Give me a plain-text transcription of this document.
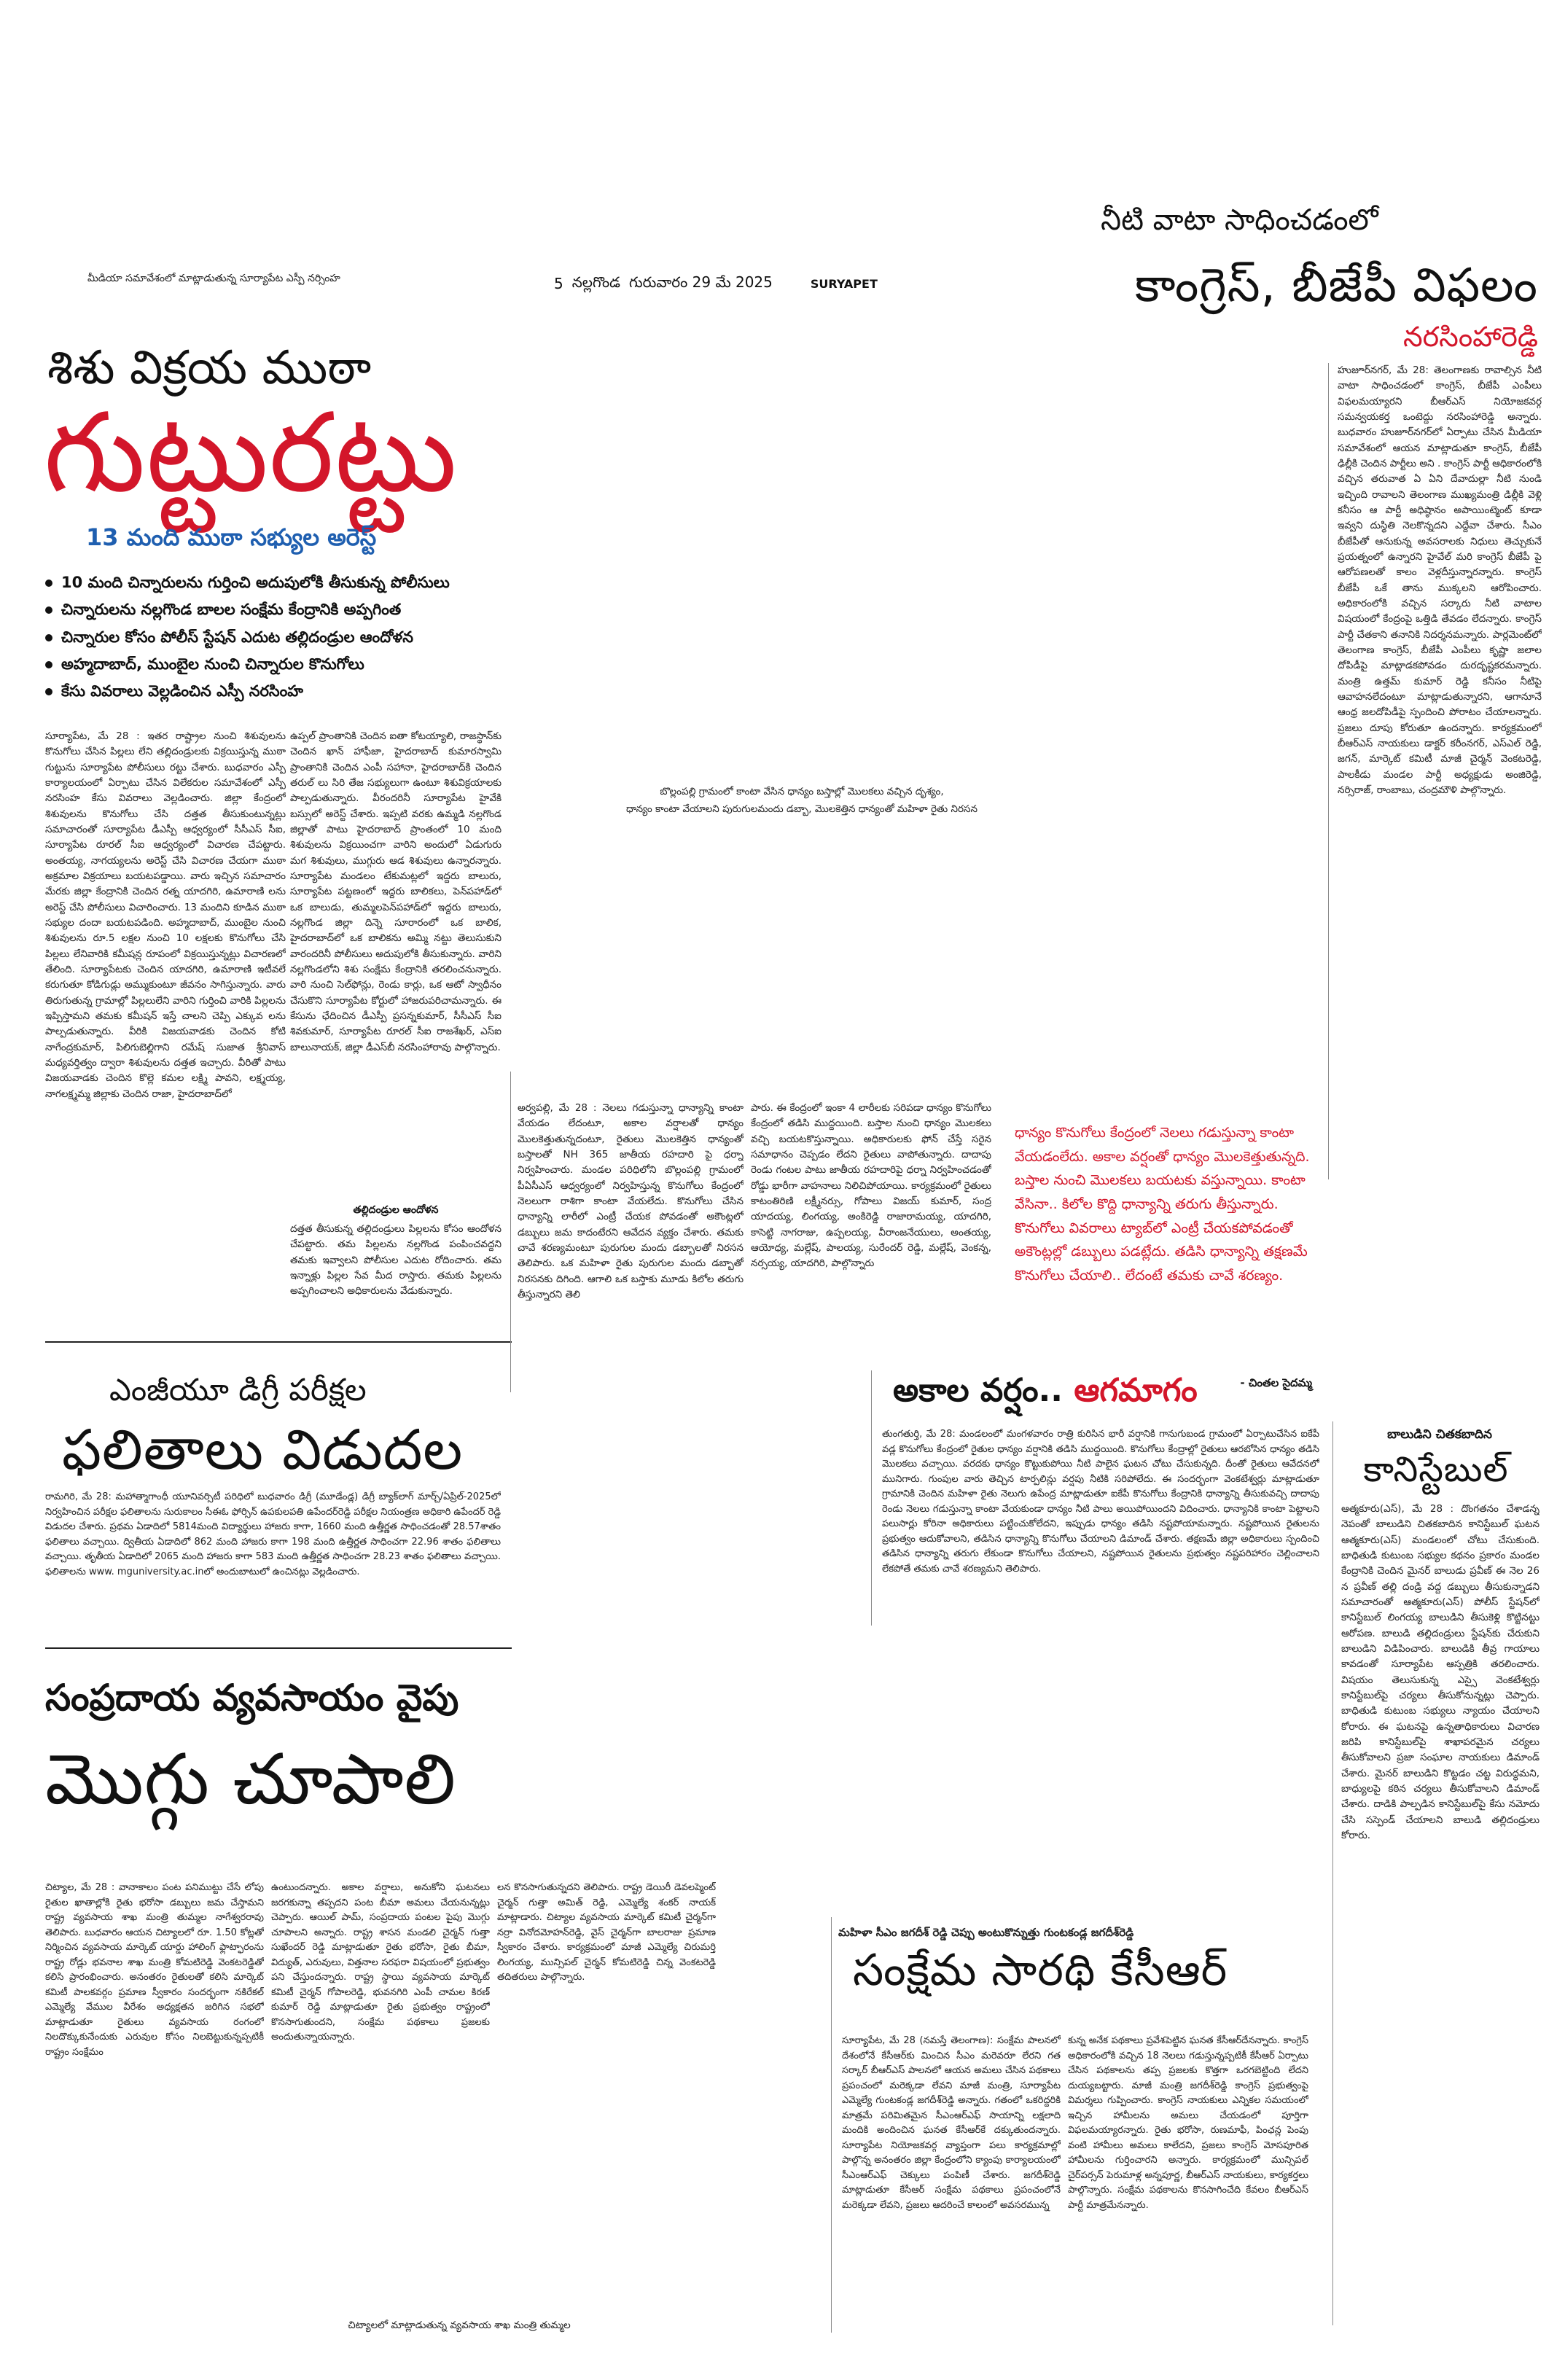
5 నల్లగొండ గురువారం 29 మే 2025	SURYAPET
నీటి వాటా సాధించడంలో
కాంగ్రెస్, బీజేపీ విఫలం
నరసింహారెడ్డి
హుజూర్‌నగర్, మే 28: తెలంగాణకు రావాల్సిన నీటి వాటా సాధించడంలో కాంగ్రెస్, బీజేపీ ఎంపీలు విఫలమయ్యారని బీఆర్ఎస్ నియోజకవర్గ సమన్వయకర్త ఒంటెద్దు నరసింహారెడ్డి అన్నారు. బుధవారం హుజూర్‌నగర్‌లో ఏర్పాటు చేసిన మీడియా సమావేశంలో ఆయన మాట్లాడుతూ కాంగ్రెస్, బీజేపీ ఢిల్లీకి చెందిన పార్టీలు అని . కాంగ్రెస్ పార్టీ ఆధికారంలోకి వచ్చిన తరువాత ఏ ఏని దేవాదుల్లా నీటి నుండి ఇచ్చింది రావాలని తెలంగాణ ముఖ్యమంత్రి డిల్లీకి వెళ్లి కనీసం ఆ పార్టీ అధిష్ఠానం అపాయింట్మెంట్ కూడా ఇవ్వని దుస్థితి నెలకొన్నదని ఎద్దేవా చేశారు. సీఎం బీజేపీతో ఆనుకున్న అవసరాలకు నిధులు తెచ్చుకునే ప్రయత్నంలో ఉన్నారని హైవేల్ మరి కాంగ్రెస్ బీజేపీ పై ఆరోపణలతో కాలం వెళ్లదీస్తున్నారన్నారు. కాంగ్రెస్ బీజేపీ ఒకే తాను ముక్కలని ఆరోపించారు. అధికారంలోకి వచ్చిన సర్కారు నీటి వాటాల విషయంలో కేంద్రంపై ఒత్తిడి తేవడం లేదన్నారు. కాంగ్రెస్ పార్టీ చేతకాని తనానికి నిదర్శనమన్నారు. పార్లమెంట్‌లో తెలంగాణ కాంగ్రెస్, బీజేపీ ఎంపీలు కృష్ణా జలాల దోపిడీపై మాట్లాడకపోవడం దురదృష్టకరమన్నారు. మంత్రి ఉత్తమ్ కుమార్ రెడ్డి కనీసం నీటిపై ఆవాహనలేదంటూ మాట్లాడుతున్నారని, ఆగానూనే ఆంధ్ర జలదోపిడీపై స్పందించి పోరాటం చేయాలన్నారు. ప్రజలు దూపు కోరుతూ ఉందన్నారు. కార్యక్రమంలో బీఆర్ఎస్ నాయకులు డాక్టర్ కరీంనగర్, ఎస్ఎల్ రెడ్డి, జగన్, మార్కెట్ కమిటీ మాజీ చైర్మన్ వెంకటరెడ్డి, పాలకీడు మండల పార్టీ అధ్యక్షుడు అంజిరెడ్డి, నర్సిరాజ్, రాంబాబు, చంద్రమౌళి పాల్గొన్నారు.
మీడియా సమావేశంలో మాట్లాడుతున్న సూర్యాపేట ఎస్పీ నర్సింహ
శిశు విక్రయ ముఠా
గుట్టురట్టు
13 మంది ముఠా సభ్యుల అరెస్ట్
10 మంది చిన్నారులను గుర్తించి అదుపులోకి తీసుకున్న పోలీసులు
చిన్నారులను నల్లగొండ బాలల సంక్షేమ కేంద్రానికి అప్పగింత
చిన్నారుల కోసం పోలీస్ స్టేషన్ ఎదుట తల్లిదండ్రుల ఆందోళన
అహ్మదాబాద్, ముంబైల నుంచి చిన్నారుల కొనుగోలు
కేసు వివరాలు వెల్లడించిన ఎస్పీ నరసింహ
సూర్యాపేట, మే 28 : ఇతర రాష్ట్రాల నుంచి శిశువులను కొనుగోలు చేసిన పిల్లలు లేని తల్లిదండ్రులకు విక్రయిస్తున్న ముఠా గుట్టును సూర్యాపేట పోలీసులు రట్టు చేశారు. బుధవారం ఎస్పీ కార్యాలయంలో ఏర్పాటు చేసిన విలేకరుల సమావేశంలో ఎస్పీ నరసింహ కేసు వివరాలు వెల్లడించారు. జిల్లా కేంద్రంలో శిశువులను కొనుగోలు చేసి దత్తత తీసుకుంటున్నట్లు సమాచారంతో సూర్యాపేట డీఎస్పీ ఆధ్వర్యంలో సీసీఎస్ సీఐ, సూర్యాపేట రూరల్ సీఐ ఆధ్వర్యంలో విచారణ చేపట్టారు. అంతయ్య, నాగయ్యలను అరెస్ట్ చేసి విచారణ చేయగా ముఠా అక్రమాల విక్రయాలు బయటపడ్డాయి. వారు ఇచ్చిన సమాచారం మేరకు జిల్లా కేంద్రానికి చెందిన రత్న యాదగిరి, ఉమారాణి లను అరెస్ట్ చేసి పోలీసులు విచారించారు. 13 మందిని కూడిన ముఠా సభ్యుల దందా బయటపడింది. అహ్మదాబాద్, ముంబైల నుంచి శిశువులను రూ.5 లక్షల నుంచి 10 లక్షలకు కొనుగోలు చేసి పిల్లలు లేనివారికి కమీషన్ల రూపంలో విక్రయిస్తున్నట్లు విచారణలో తేలింది. సూర్యాపేటకు చెందిన యాదగిరి, ఉమారాణి ఇటీవలే కరుగుతూ కోడిగుడ్లు అమ్ముకుంటూ జీవనం సాగిస్తున్నారు. వారు తిరుగుతున్న గ్రామాల్లో పిల్లలులేని వారిని గుర్తించి వారికి పిల్లలను ఇప్పిస్తామని తమకు కమీషన్ ఇస్తే చాలని చెప్పి ఎక్కువ లను పాల్పడుతున్నారు. వీరికి విజయవాడకు చెందిన కోటి నాగేంద్రకుమార్, పిలిగుబెల్లిగాని రమేష్ సుజాత శ్రీనివాస్ మధ్యవర్తిత్వం ద్వారా శిశువులను దత్తత ఇచ్చారు. వీరితో పాటు విజయవాడకు చెందిన కొల్లె కమల లక్ష్మి పావని, లక్ష్మయ్య, నాగలక్ష్మమ్మ జిల్లాకు చెందిన రాజా, హైదరాబాద్‌లో
ఉప్పల్ ప్రాంతానికి చెందిన ఐతా కోటయ్యాలి, రాజస్థాన్‌కు చెందిన ఖాన్ హాఫీజా, హైదరాబాద్ కుమారస్వామి ప్రాంతానికి చెందిన ఎంపీ సహానా, హైదరాబాద్‌కి చెందిన తరుల్ లు సిరి తేజ సభ్యులుగా ఉంటూ శిశువిక్రయాలకు పాల్పడుతున్నారు. వీరందరినీ సూర్యాపేట హైవేకి బస్సులో అరెస్ట్ చేశారు. ఇప్పటి వరకు ఉమ్మడి నల్లగొండ జిల్లాతో పాటు హైదరాబాద్ ప్రాంతంలో 10 మంది శిశువులను విక్రయించగా వారిని అందులో ఏడుగురు మగ శిశువులు, ముగ్గురు ఆడ శిశువులు ఉన్నారన్నారు. సూర్యాపేట మండలం టేకుమట్లలో ఇద్దరు బాలురు, సూర్యాపేట పట్టణంలో ఇద్దరు బాలికలు, పెన్‌పహాడ్‌లో ఒక బాలుడు, తుమ్మలపెన్‌పహాడ్‌లో ఇద్దరు బాలురు, నల్లగొండ జిల్లా దిన్నె సూరారంలో ఒక బాలిక, హైదరాబాద్‌లో ఒక బాలికను అమ్మి నట్టు తెలుసుకుని వారందరినీ పోలీసులు అదుపులోకి తీసుకున్నారు. వారిని నల్లగొండలోని శిశు సంక్షేమ కేంద్రానికి తరలించనున్నారు. వారి నుంచి సెల్‌ఫోన్లు, రెండు కార్లు, ఒక ఆటో స్వాధీనం చేసుకొని సూర్యాపేట కోర్టులో హాజరుపరిచామన్నారు. ఈ కేసును ఛేదించిన డీఎస్పీ ప్రసన్నకుమార్, సీసీఎస్ సీఐ శివకుమార్, సూర్యాపేట రూరల్ సీఐ రాజశేఖర్, ఎస్ఐ బాలునాయక్, జిల్లా డీఎస్‌బీ నరసింహారావు పాల్గొన్నారు.
తల్లిదండ్రుల ఆందోళన
దత్తత తీసుకున్న తల్లిదండ్రులు పిల్లలను కోసం ఆందోళన చేపట్టారు. తమ పిల్లలను నల్లగొండ పంపించవద్దని తమకు ఇవ్వాలని పోలీసుల ఎదుట రోదించారు. తమ ఇన్నాళ్లు పిల్లల సేవ మీద రాస్తారు. తమకు పిల్లలను అప్పగించాలని అధికారులను వేడుకున్నారు.
బొల్లంపల్లి గ్రామంలో కాంటా వేసిన ధాన్యం బస్తాల్లో మొలకలు వచ్చిన దృశ్యం,
ధాన్యం కాంటా వేయాలని పురుగులమందు డబ్బా, మొలకెత్తిన ధాన్యంతో మహిళా రైతు నిరసన
అర్వపల్లి, మే 28 : నెలలు గడుస్తున్నా ధాన్యాన్ని కాంటా వేయడం లేదంటూ, అకాల వర్షాలతో ధాన్యం మొలకెత్తుతున్నదంటూ, రైతులు మొలకెత్తిన ధాన్యంతో బస్తాలతో NH 365 జాతీయ రహదారి పై ధర్నా నిర్వహించారు. మండల పరిధిలోని బొల్లంపల్లి గ్రామంలో పీఏసీఎస్ ఆధ్వర్యంలో నిర్వహిస్తున్న కొనుగోలు కేంద్రంలో నెలలుగా రాశిగా కాంటా వేయలేదు. కొనుగోలు చేసిన ధాన్యాన్ని లారీలో ఎంట్రీ చేయక పోవడంతో అకౌంట్లలో డబ్బులు జమ కాదంటేరని ఆవేదన వ్యక్తం చేశారు. తమకు చావే శరణ్యమంటూ పురుగుల మందు డబ్బాలతో నిరసన తెలిపారు. ఒక మహిళా రైతు పురుగుల మందు డబ్బాతో నిరసనకు దిగింది. ఆగాలి ఒక బస్తాకు మూడు కిలోల తరుగు తీస్తున్నారని తెలి
పారు. ఈ కేంద్రంలో ఇంకా 4 లారీలకు సరిపడా ధాన్యం కొనుగోలు కేంద్రంలో తడిసి ముద్దయింది. బస్తాల నుంచి ధాన్యం మొలకలు వచ్చి బయటకొస్తున్నాయి. అధికారులకు ఫోన్ చేస్తే సరైన సమాధానం చెప్పడం లేదని రైతులు వాపోతున్నారు. దాదాపు రెండు గంటల పాటు జాతీయ రహదారిపై ధర్నా నిర్వహించడంతో రోడ్డు భారీగా వాహనాలు నిలిచిపోయాయి. కార్యక్రమంలో రైతులు కాటంతిరిణి లక్ష్మీనర్సు, గోపాలు విజయ్ కుమార్, సంద్ర యాదయ్య, లింగయ్య, అంకిరెడ్డి రాజారామయ్య, యాదగిరి, కాసెట్టి నాగరాజు, ఉప్పలయ్య, వీరాంజనేయులు, అంతయ్య, ఆయోధ్య, మల్లేష్, పాలయ్య, సురేందర్ రెడ్డి, మల్లేష్, వెంకన్న, నర్సయ్య, యాదగిరి, పాల్గొన్నారు
ధాన్యం కొనుగోలు కేంద్రంలో నెలలు గడుస్తున్నా కాంటా వేయడంలేదు. అకాల వర్షంతో ధాన్యం మొలకెత్తుతున్నది. బస్తాల నుంచి మొలకలు బయటకు వస్తున్నాయి. కాంటా వేసినా.. కిలోల కొద్ది ధాన్యాన్ని తరుగు తీస్తున్నారు. కొనుగోలు వివరాలు ట్యాబ్‌లో ఎంట్రీ చేయకపోవడంతో అకౌంట్లల్లో డబ్బులు పడట్లేదు. తడిసి ధాన్యాన్ని తక్షణమే కొనుగోలు చేయాలి.. లేదంటే తమకు చావే శరణ్యం.
- చింతల సైదమ్మ
ఎంజీయూ డిగ్రీ పరీక్షల
ఫలితాలు విడుదల
రామగిరి, మే 28: మహాత్మాగాంధీ యూనివర్సిటీ పరిధిలో బుధవారం డిగ్రీ (మూడేండ్ల) డిగ్రీ బ్యాక్‌లాగ్ మార్చ్/ఏప్రిల్-2025లో నిర్వహించిన పరీక్షల ఫలితాలను సురుకాలం సీఈఓ ఫోర్సిన్ ఉపకులపతి ఉపేందర్‌రెడ్డి పరీక్షల నియంత్రణ అధికారి ఉపేందర్ రెడ్డి విడుదల చేశారు. ప్రథమ ఏడాదిలో 5814మంది విద్యార్థులు హాజరు కాగా, 1660 మంది ఉత్తీర్ణత సాధించడంతో 28.57శాతం ఫలితాలు వచ్చాయి. ద్వితీయ ఏడాదిలో 862 మంది హాజరు కాగా 198 మంది ఉత్తీర్ణత సాధించగా 22.96 శాతం ఫలితాలు వచ్చాయి. తృతీయ ఏడాదిలో 2065 మంది హాజరు కాగా 583 మంది ఉత్తీర్ణత సాధించగా 28.23 శాతం ఫలితాలు వచ్చాయి. ఫలితాలను www. mguniversity.ac.inలో అందుబాటులో ఉంచినట్లు వెల్లడించారు.
అకాల వర్షం.. ఆగమాగం
తుంగతుర్తి, మే 28: మండలంలో మంగళవారం రాత్రి కురిసిన భారీ వర్షానికి గానుగుబండ గ్రామంలో ఏర్పాటుచేసిన ఐకేపీ వడ్ల కొనుగోలు కేంద్రంలో రైతుల ధాన్యం వర్షానికి తడిసి ముద్దయింది. కొనుగోలు కేంద్రాల్లో రైతులు ఆరబోసిన ధాన్యం తడిసి మొలకలు వచ్చాయి. వరదకు ధాన్యం కొట్టుకుపోయి నీటి పాలైన ఘటన చోటు చేసుకున్నది. దీంతో రైతులు ఆవేదనలో మునిగారు. గుంపుల వారు తెచ్చిన టార్పలిన్లు వర్షపు నీటికి సరిపోలేదు. ఈ సందర్భంగా వెంకటేశ్వర్లు మాట్లాడుతూ గ్రామానికి చెందిన మహిళా రైతు నెలుగు ఉపేంద్ర మాట్లాడుతూ ఐకేపీ కొనుగోలు కేంద్రానికి ధాన్యాన్ని తీసుకువచ్చి దాదాపు రెండు నెలలు గడుస్తున్నా కాంటా వేయకుండా ధాన్యం నీటి పాలు అయిపోయిందని విదించారు. ధాన్యానికి కాంటా పెట్టాలని పలుసార్లు కోరినా అధికారులు పట్టించుకోలేదని, ఇప్పుడు ధాన్యం తడిసి నష్టపోయామన్నారు. నష్టపోయిన రైతులను ప్రభుత్వం ఆదుకోవాలని, తడిసిన ధాన్యాన్ని కొనుగోలు చేయాలని డిమాండ్ చేశారు. తక్షణమే జిల్లా అధికారులు స్పందించి తడిసిన ధాన్యాన్ని తరుగు లేకుండా కొనుగోలు చేయాలని, నష్టపోయిన రైతులను ప్రభుత్వం నష్టపరిహారం చెల్లించాలని లేకపోతే తమకు చావే శరణ్యమని తెలిపారు.
బాలుడిని చితకబాదిన
కానిస్టేబుల్
ఆత్మకూరు(ఎస్), మే 28 : దొంగతనం చేశాడన్న నెపంతో బాలుడిని చితకబాదిన కానిస్టేబుల్ ఘటన ఆత్మకూరు(ఎస్) మండలంలో చోటు చేసుకుంది. బాధితుడి కుటుంబ సభ్యుల కథనం ప్రకారం మండల కేంద్రానికి చెందిన మైనర్ బాలుడు ప్రవీణ్ ఈ నెల 26 న ప్రవీణ్ తల్లి దండ్రి వద్ద డబ్బులు తీసుకున్నాడని సమాచారంతో ఆత్మకూరు(ఎస్) పోలీస్ స్టేషన్‌లో కానిస్టేబుల్ లింగయ్య బాలుడిని తీసుకెళ్లి కొట్టినట్టు ఆరోపణ. బాలుడి తల్లిదండ్రులు స్టేషన్‌కు చేరుకుని బాలుడిని విడిపించారు. బాలుడికి తీవ్ర గాయాలు కావడంతో సూర్యాపేట ఆస్పత్రికి తరలించారు. విషయం తెలుసుకున్న ఎస్సై వెంకటేశ్వర్లు కానిస్టేబుల్‌పై చర్యలు తీసుకోనున్నట్లు చెప్పారు. బాధితుడి కుటుంబ సభ్యులు న్యాయం చేయాలని కోరారు. ఈ ఘటనపై ఉన్నతాధికారులు విచారణ జరిపి కానిస్టేబుల్‌పై శాఖాపరమైన చర్యలు తీసుకోవాలని ప్రజా సంఘాల నాయకులు డిమాండ్ చేశారు. మైనర్ బాలుడిని కొట్టడం చట్ట విరుద్ధమని, బాధ్యులపై కఠిన చర్యలు తీసుకోవాలని డిమాండ్ చేశారు. దాడికి పాల్పడిన కానిస్టేబుల్‌పై కేసు నమోదు చేసి సస్పెండ్ చేయాలని బాలుడి తల్లిదండ్రులు కోరారు.
సంప్రదాయ వ్యవసాయం వైపు
మొగ్గు చూపాలి
చిట్యాల, మే 28 : వానాకాలం పంట పనిముట్టు చేసే లోపు రైతుల ఖాతాల్లోకి రైతు భరోసా డబ్బులు జమ చేస్తామని రాష్ట్ర వ్యవసాయ శాఖ మంత్రి తుమ్మల నాగేశ్వరరావు తెలిపారు. బుధవారం ఆయన చిట్యాలలో రూ. 1.50 కోట్లతో నిర్మించిన వ్యవసాయ మార్కెట్ యార్డు హాలింగ్ ఫ్లాట్ఫారంను రాష్ట్ర రోడ్లు భవనాల శాఖ మంత్రి కోమటిరెడ్డి వెంకటరెడ్డితో కలిసి ప్రారంభించారు. అనంతరం రైతులతో కలిసి మార్కెట్ కమిటీ పాలకవర్గం ప్రమాణ స్వీకారం సందర్భంగా నకిరేకల్ ఎమ్మెల్యే వేముల వీరేశం అధ్యక్షతన జరిగిన సభలో మాట్లాడుతూ రైతులు వ్యవసాయ రంగంలో నిలదొక్కుకునేందుకు ఎరువుల కోసం నిలబెట్టుకున్నప్పటికీ రాష్ట్రం సంక్షేమం
ఉంటుందన్నారు. అకాల వర్షాలు, అనుకోని ఘటనలు జరగకున్నా తప్పదని పంట బీమా అమలు చేయనున్నట్లు చెప్పారు. ఆయిల్ పామ్, సంప్రదాయ పంటల పైపు మొగ్గు చూపాలని అన్నారు. రాష్ట్ర శాసన మండలి చైర్మన్ గుత్తా సుఖేందర్ రెడ్డి మాట్లాడుతూ రైతు భరోసా, రైతు బీమా, విద్యుత్, ఎరువులు, విత్తనాల సరఫరా విషయంలో ప్రభుత్వం పని చేస్తుందన్నారు. రాష్ట్ర స్థాయి వ్యవసాయ మార్కెట్ కమిటీ చైర్మన్ గోపాలరెడ్డి, భువనగిరి ఎంపీ చామల కిరణ్ కుమార్ రెడ్డి మాట్లాడుతూ రైతు ప్రభుత్వం రాష్ట్రంలో కొనసాగుతుందని, సంక్షేమ పథకాలు ప్రజలకు అందుతున్నాయన్నారు.
లన కొనసాగుతున్నదని తెలిపారు. రాష్ట్ర డెయిరీ డెవలప్మెంట్ చైర్మన్ గుత్తా అమిత్ రెడ్డి, ఎమ్మెల్యే శంకర్ నాయక్ మాట్లాడారు. చిట్యాల వ్యవసాయ మార్కెట్ కమిటీ చైర్మన్‌గా నర్రా వినోదమోహన్‌రెడ్డి, వైస్ చైర్మన్‌గా బాలరాజు ప్రమాణ స్వీకారం చేశారు. కార్యక్రమంలో మాజీ ఎమ్మెల్యే చిరుమర్తి లింగయ్య, మున్సిపల్ చైర్మన్ కోమటిరెడ్డి చిన్న వెంకటరెడ్డి తదితరులు పాల్గొన్నారు.
చిట్యాలలో మాట్లాడుతున్న వ్యవసాయ శాఖ మంత్రి తుమ్మల
మహిళా సీఎం జగదీశ్ రెడ్డి చెప్పు అంటుకొన్నుత్తు గుంటకండ్ల జగదీశ్‌రెడ్డి
సంక్షేమ సారథి కేసీఆర్
సూర్యాపేట, మే 28 (నమస్తే తెలంగాణ): సంక్షేమ పాలనలో దేశంలోనే కేసీఆర్‌కు మించిన సీఎం మరెవరూ లేరని గత సర్కార్ బీఆర్ఎస్ పాలనలో ఆయన అమలు చేసిన పథకాలు ప్రపంచంలో మరెక్కడా లేవని మాజీ మంత్రి, సూర్యాపేట ఎమ్మెల్యే గుంటకండ్ల జగదీశ్‌రెడ్డి అన్నారు. గతంలో ఒకరిద్దరికి మాత్రమే పరిమితమైన సీఎంఆర్‌ఎఫ్ సాయాన్ని లక్షలాది మందికి అందించిన ఘనత కేసీఆర్‌కే దక్కుతుందన్నారు. సూర్యాపేట నియోజకవర్గ వ్యాప్తంగా పలు కార్యక్రమాల్లో పాల్గొన్న అనంతరం జిల్లా కేంద్రంలోని క్యాంపు కార్యాలయంలో సీఎంఆర్‌ఎఫ్ చెక్కులు పంపిణీ చేశారు. జగదీశ్‌రెడ్డి మాట్లాడుతూ కేసీఆర్ సంక్షేమ పథకాలు ప్రపంచంలోనే మరెక్కడా లేవని, ప్రజలు ఆదరించే కాలంలో అవసరమున్న
కున్న అనేక పథకాలు ప్రవేశపెట్టిన ఘనత కేసీఆర్‌దేనన్నారు. కాంగ్రెస్ అధికారంలోకి వచ్చిన 18 నెలలు గడుస్తున్నప్పటికీ కేసీఆర్ ఏర్పాటు చేసిన పథకాలను తప్ప ప్రజలకు కొత్తగా ఒరగబెట్టింది లేదని దుయ్యబట్టారు. మాజీ మంత్రి జగదీశ్‌రెడ్డి కాంగ్రెస్ ప్రభుత్వంపై విమర్శలు గుప్పించారు. కాంగ్రెస్ నాయకులు ఎన్నికల సమయంలో ఇచ్చిన హామీలను అమలు చేయడంలో పూర్తిగా విఫలమయ్యారన్నారు. రైతు భరోసా, రుణమాఫీ, పింఛన్ల పెంపు వంటి హామీలు అమలు కాలేదని, ప్రజలు కాంగ్రెస్ మోసపూరిత హామీలను గుర్తించారని అన్నారు. కార్యక్రమంలో మున్సిపల్ చైర్‌పర్సన్ పెరుమాళ్ల అన్నపూర్ణ, బీఆర్ఎస్ నాయకులు, కార్యకర్తలు పాల్గొన్నారు. సంక్షేమ పథకాలను కొనసాగించేది కేవలం బీఆర్ఎస్ పార్టీ మాత్రమేనన్నారు.
